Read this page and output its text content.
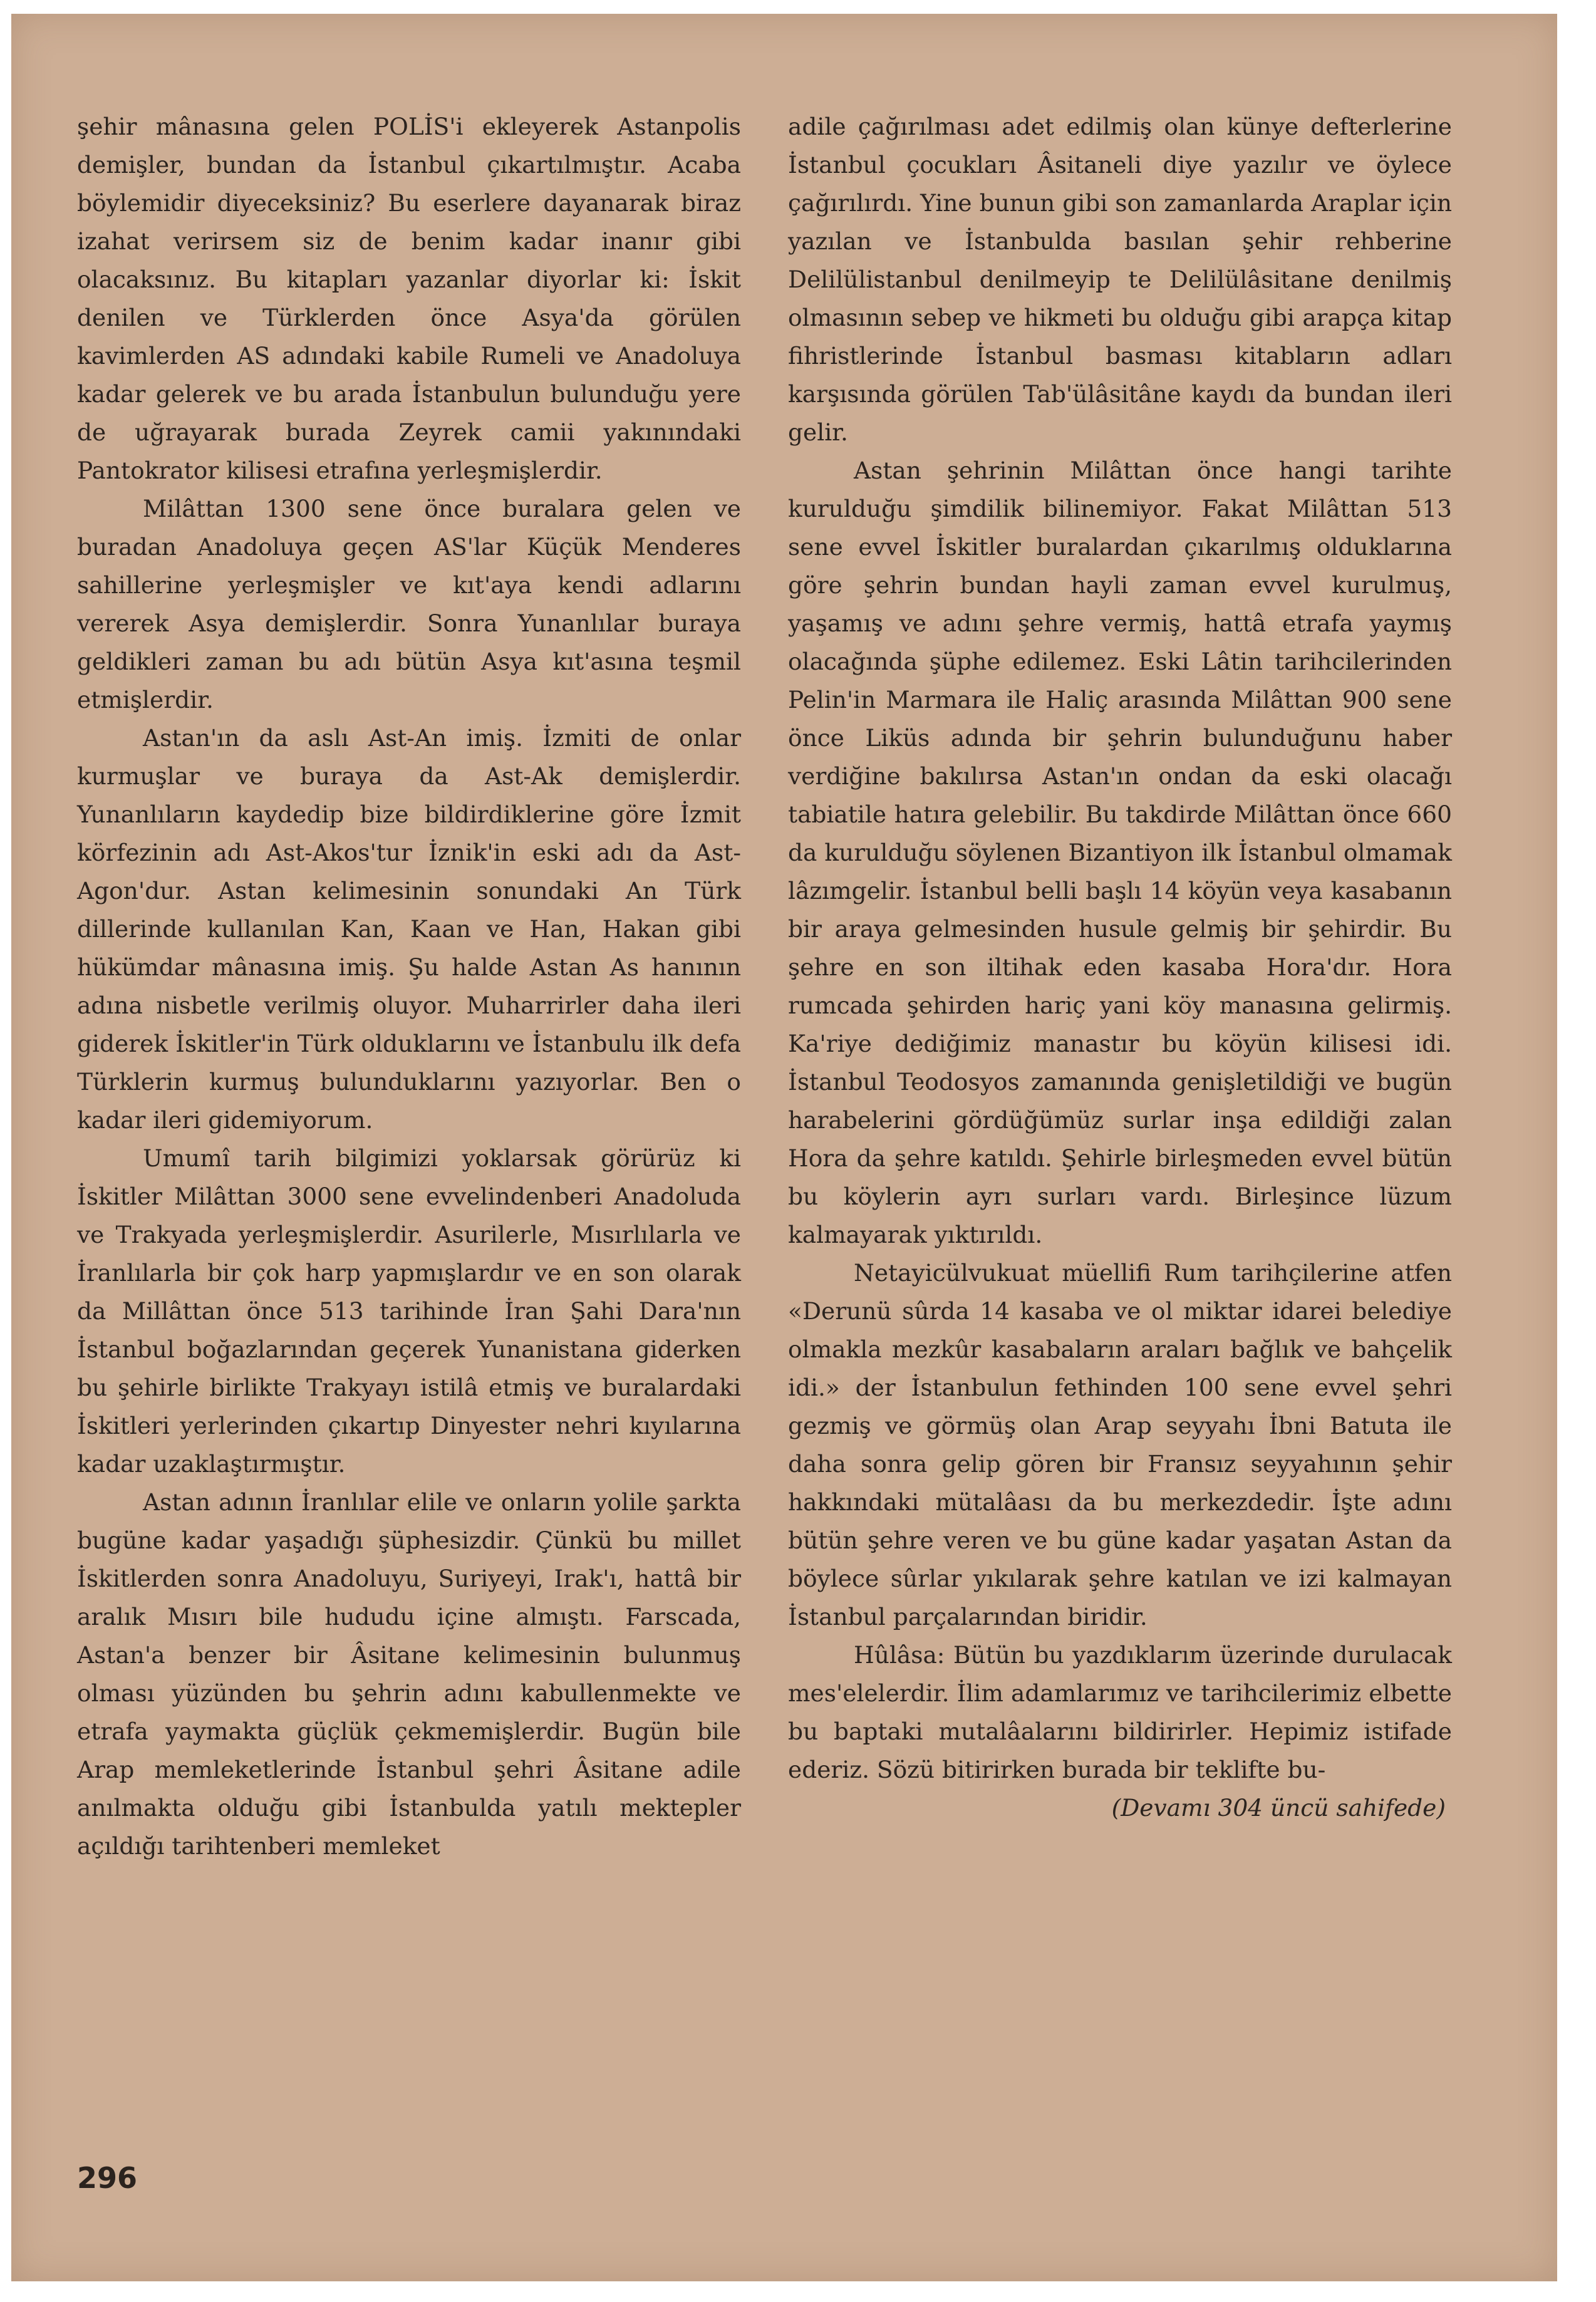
şehir mânasına gelen POLİS'i ekleyerek Astanpolis demişler, bundan da İstanbul çıkartılmıştır. Acaba böylemidir diyeceksiniz? Bu eserlere dayanarak biraz izahat verirsem siz de benim kadar inanır gibi olacaksınız. Bu kitapları yazanlar diyorlar ki: İskit denilen ve Türklerden önce Asya'da görülen kavimlerden AS adındaki kabile Rumeli ve Anadoluya kadar gelerek ve bu arada İstanbulun bulunduğu yere de uğrayarak burada Zeyrek camii yakınındaki Pantokrator kilisesi etrafına yerleşmişlerdir.

Milâttan 1300 sene önce buralara gelen ve buradan Anadoluya geçen AS'lar Küçük Menderes sahillerine yerleşmişler ve kıt'aya kendi adlarını vererek Asya demişlerdir. Sonra Yunanlılar buraya geldikleri zaman bu adı bütün Asya kıt'asına teşmil etmişlerdir.

Astan'ın da aslı Ast-An imiş. İzmiti de onlar kurmuşlar ve buraya da Ast-Ak demişlerdir. Yunanlıların kaydedip bize bildirdiklerine göre İzmit körfezinin adı Ast-Akos'tur İznik'in eski adı da Ast-Agon'dur. Astan kelimesinin sonundaki An Türk dillerinde kullanılan Kan, Kaan ve Han, Hakan gibi hükümdar mânasına imiş. Şu halde Astan As hanının adına nisbetle verilmiş oluyor. Muharrirler daha ileri giderek İskitler'in Türk olduklarını ve İstanbulu ilk defa Türklerin kurmuş bulunduklarını yazıyorlar. Ben o kadar ileri gidemiyorum.

Umumî tarih bilgimizi yoklarsak görürüz ki İskitler Milâttan 3000 sene evvelindenberi Anadoluda ve Trakyada yerleşmişlerdir. Asurilerle, Mısırlılarla ve İranlılarla bir çok harp yapmışlardır ve en son olarak da Millâttan önce 513 tarihinde İran Şahi Dara'nın İstanbul boğazlarından geçerek Yunanistana giderken bu şehirle birlikte Trakyayı istilâ etmiş ve buralardaki İskitleri yerlerinden çıkartıp Dinyester nehri kıyılarına kadar uzaklaştırmıştır.

Astan adının İranlılar elile ve onların yolile şarkta bugüne kadar yaşadığı şüphesizdir. Çünkü bu millet İskitlerden sonra Anadoluyu, Suriyeyi, Irak'ı, hattâ bir aralık Mısırı bile hududu içine almıştı. Farscada, Astan'a benzer bir Âsitane kelimesinin bulunmuş olması yüzünden bu şehrin adını kabullenmekte ve etrafa yaymakta güçlük çekmemişlerdir. Bugün bile Arap memleketlerinde İstanbul şehri Âsitane adile anılmakta olduğu gibi İstanbulda yatılı mektepler açıldığı tarihtenberi memleket

adile çağırılması adet edilmiş olan künye defterlerine İstanbul çocukları Âsitaneli diye yazılır ve öylece çağırılırdı. Yine bunun gibi son zamanlarda Araplar için yazılan ve İstanbulda basılan şehir rehberine Delilülistanbul denilmeyip te Delilülâsitane denilmiş olmasının sebep ve hikmeti bu olduğu gibi arapça kitap fihristlerinde İstanbul basması kitabların adları karşısında görülen Tab'ülâsitâne kaydı da bundan ileri gelir.

Astan şehrinin Milâttan önce hangi tarihte kurulduğu şimdilik bilinemiyor. Fakat Milâttan 513 sene evvel İskitler buralardan çıkarılmış olduklarına göre şehrin bundan hayli zaman evvel kurulmuş, yaşamış ve adını şehre vermiş, hattâ etrafa yaymış olacağında şüphe edilemez. Eski Lâtin tarihcilerinden Pelin'in Marmara ile Haliç arasında Milâttan 900 sene önce Liküs adında bir şehrin bulunduğunu haber verdiğine bakılırsa Astan'ın ondan da eski olacağı tabiatile hatıra gelebilir. Bu takdirde Milâttan önce 660 da kurulduğu söylenen Bizantiyon ilk İstanbul olmamak lâzımgelir. İstanbul belli başlı 14 köyün veya kasabanın bir araya gelmesinden husule gelmiş bir şehirdir. Bu şehre en son iltihak eden kasaba Hora'dır. Hora rumcada şehirden hariç yani köy manasına gelirmiş. Ka'riye dediğimiz manastır bu köyün kilisesi idi. İstanbul Teodosyos zamanında genişletildiği ve bugün harabelerini gördüğümüz surlar inşa edildiği zalan Hora da şehre katıldı. Şehirle birleşmeden evvel bütün bu köylerin ayrı surları vardı. Birleşince lüzum kalmayarak yıktırıldı.

Netayicülvukuat müellifi Rum tarihçilerine atfen «Derunü sûrda 14 kasaba ve ol miktar idarei belediye olmakla mezkûr kasabaların araları bağlık ve bahçelik idi.» der İstanbulun fethinden 100 sene evvel şehri gezmiş ve görmüş olan Arap seyyahı İbni Batuta ile daha sonra gelip gören bir Fransız seyyahının şehir hakkındaki mütalâası da bu merkezdedir. İşte adını bütün şehre veren ve bu güne kadar yaşatan Astan da böylece sûrlar yıkılarak şehre katılan ve izi kalmayan İstanbul parçalarından biridir.

Hûlâsa: Bütün bu yazdıklarım üzerinde durulacak mes'elelerdir. İlim adamlarımız ve tarihcilerimiz elbette bu baptaki mutalâalarını bildirirler. Hepimiz istifade ederiz. Sözü bitirirken burada bir teklifte bu-

(Devamı 304 üncü sahifede)

296
